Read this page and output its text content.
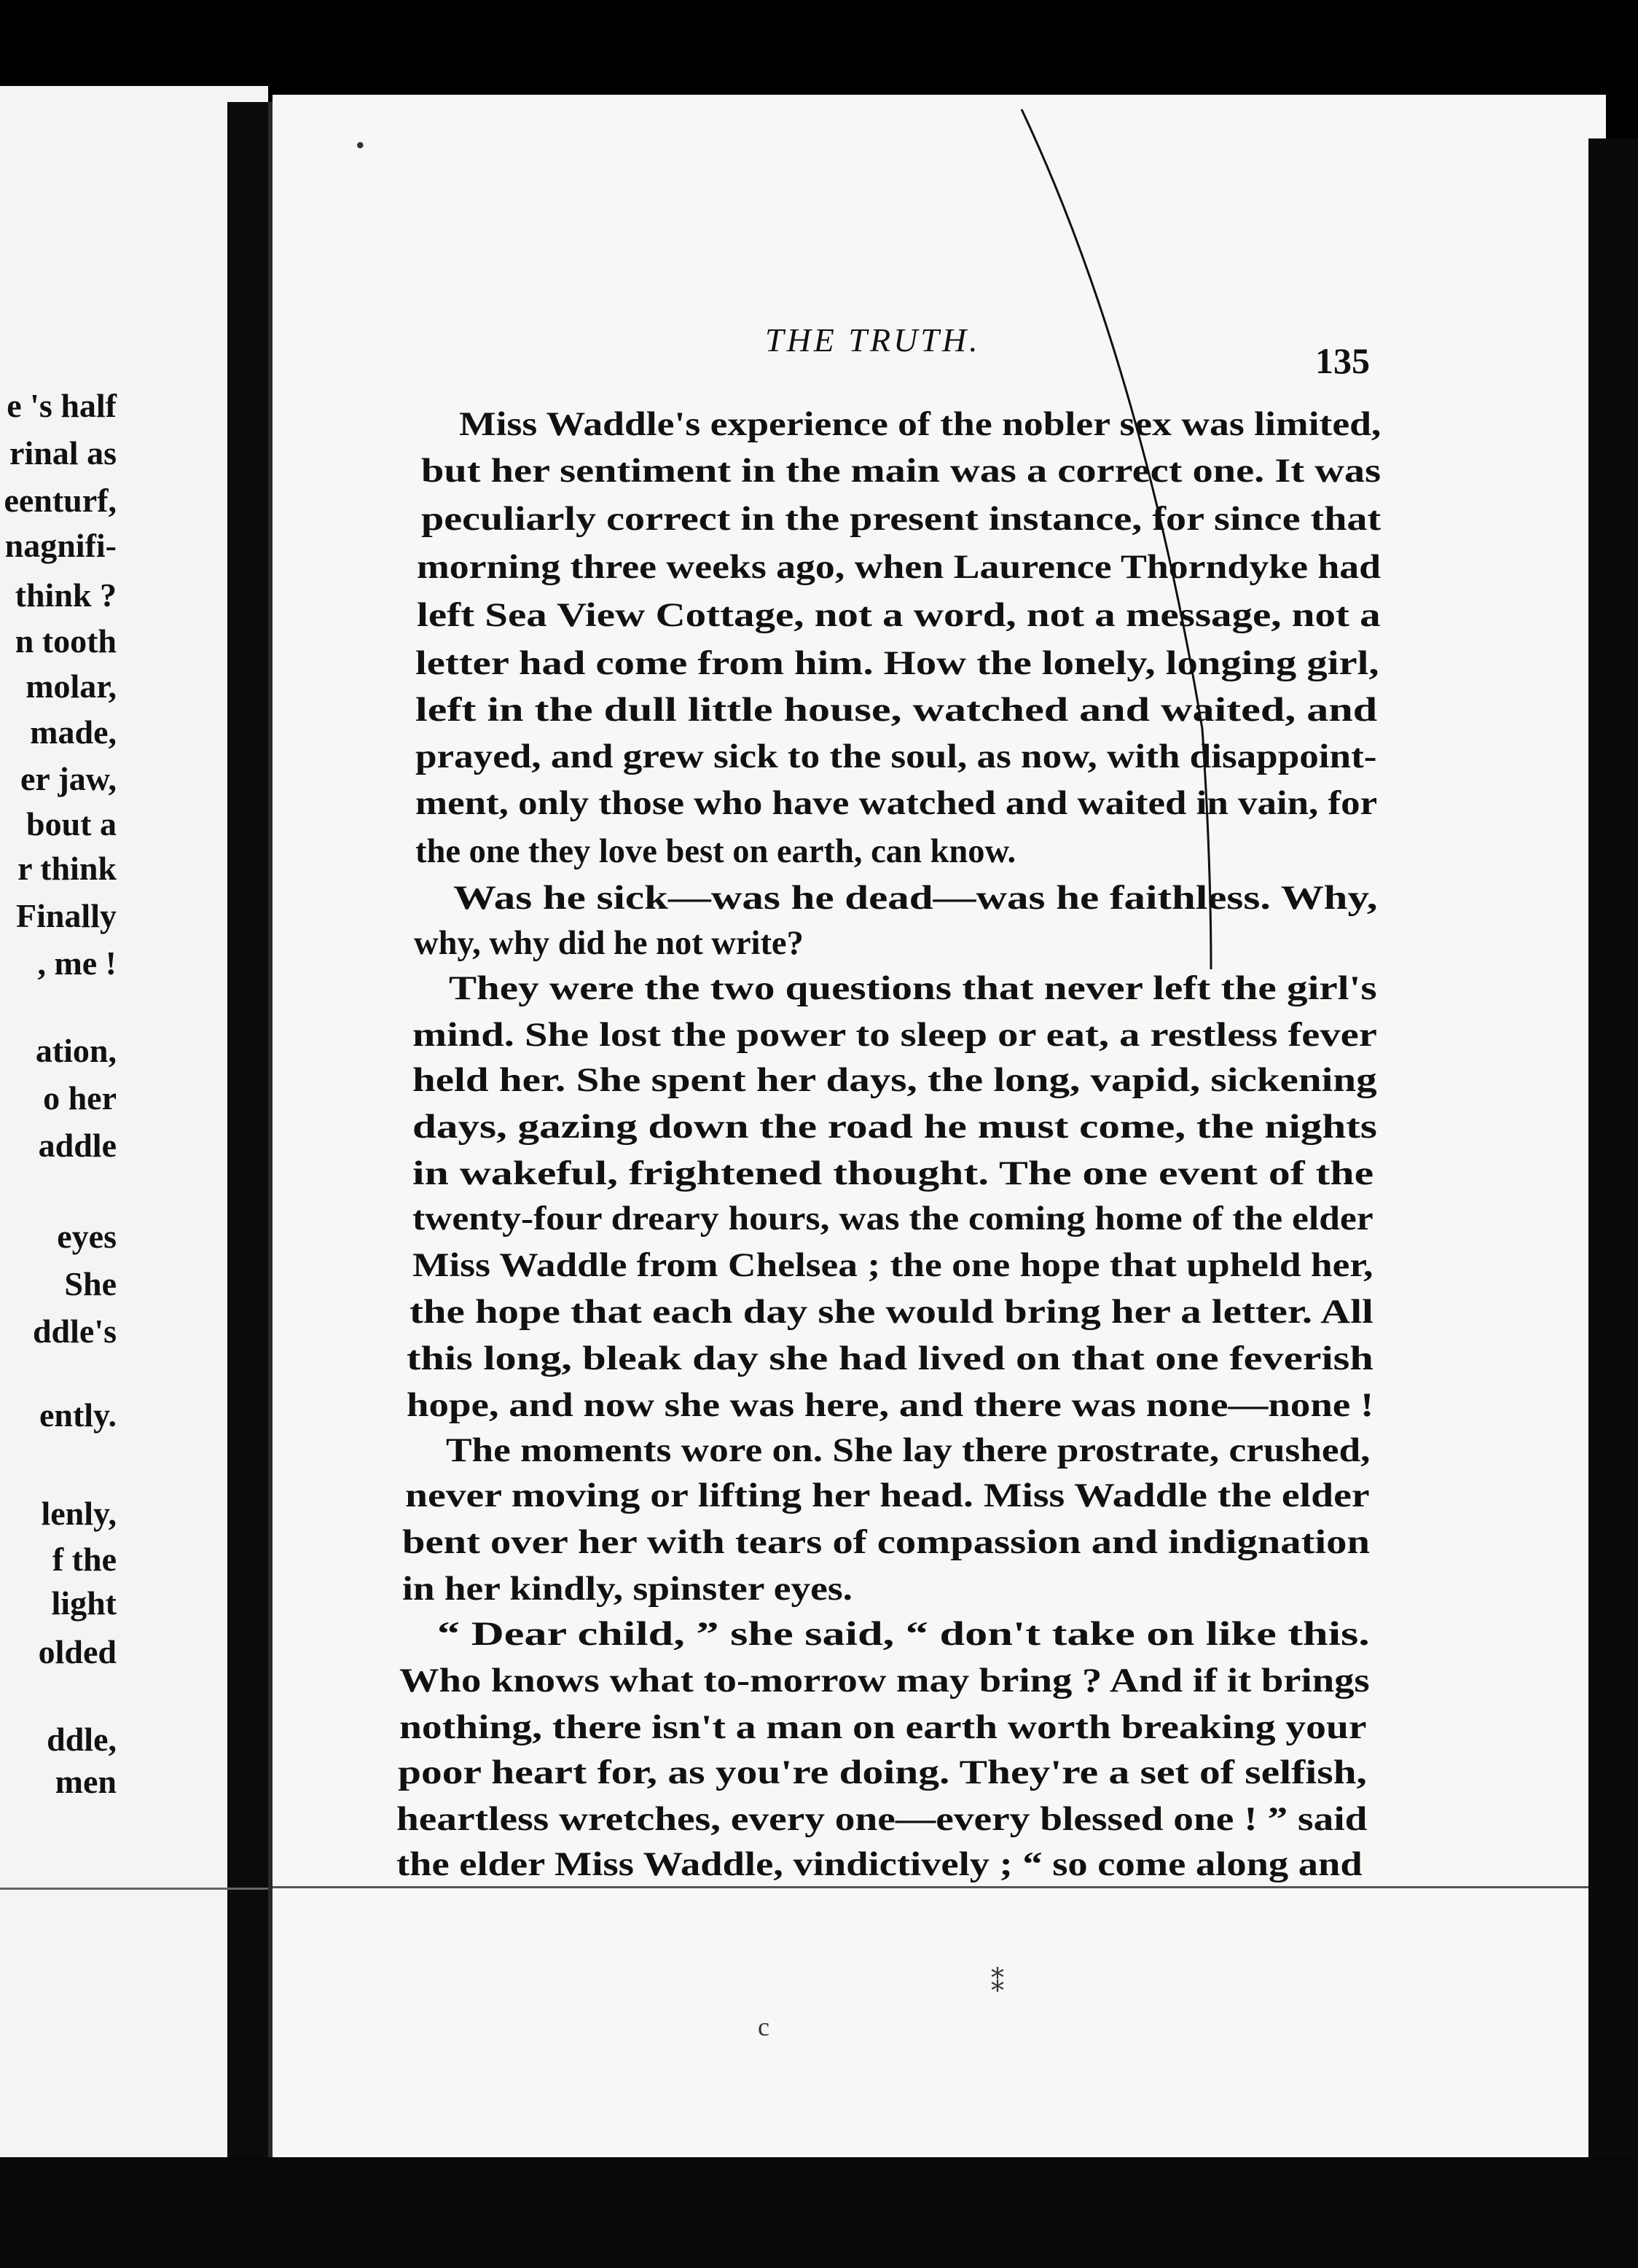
e 's half
rinal as
eenturf,
nagnifi-
think ?
n tooth
molar,
made,
er jaw,
bout a
r think
Finally
, me !
ation,
o her
addle
eyes
She
ddle's
ently.
lenly,
f the
light
olded
ddle,
men
THE TRUTH.
135
Miss Waddle's experience of the nobler sex was limited,
but her sentiment in the main was a correct one. It was
peculiarly correct in the present instance, for since that
morning three weeks ago, when Laurence Thorndyke had
left Sea View Cottage, not a word, not a message, not a
letter had come from him. How the lonely, longing girl,
left in the dull little house, watched and waited, and
prayed, and grew sick to the soul, as now, with disappoint-
ment, only those who have watched and waited in vain, for
the one they love best on earth, can know.
Was he sick—was he dead—was he faithless. Why,
why, why did he not write?
They were the two questions that never left the girl's
mind. She lost the power to sleep or eat, a restless fever
held her. She spent her days, the long, vapid, sickening
days, gazing down the road he must come, the nights
in wakeful, frightened thought. The one event of the
twenty-four dreary hours, was the coming home of the elder
Miss Waddle from Chelsea ; the one hope that upheld her,
the hope that each day she would bring her a letter. All
this long, bleak day she had lived on that one feverish
hope, and now she was here, and there was none—none !
The moments wore on. She lay there prostrate, crushed,
never moving or lifting her head. Miss Waddle the elder
bent over her with tears of compassion and indignation
in her kindly, spinster eyes.
“ Dear child, ” she said, “ don't take on like this.
Who knows what to-morrow may bring ? And if it brings
nothing, there isn't a man on earth worth breaking your
poor heart for, as you're doing. They're a set of selfish,
heartless wretches, every one—every blessed one ! ” said
the elder Miss Waddle, vindictively ; “ so come along and
•
c
⁑
